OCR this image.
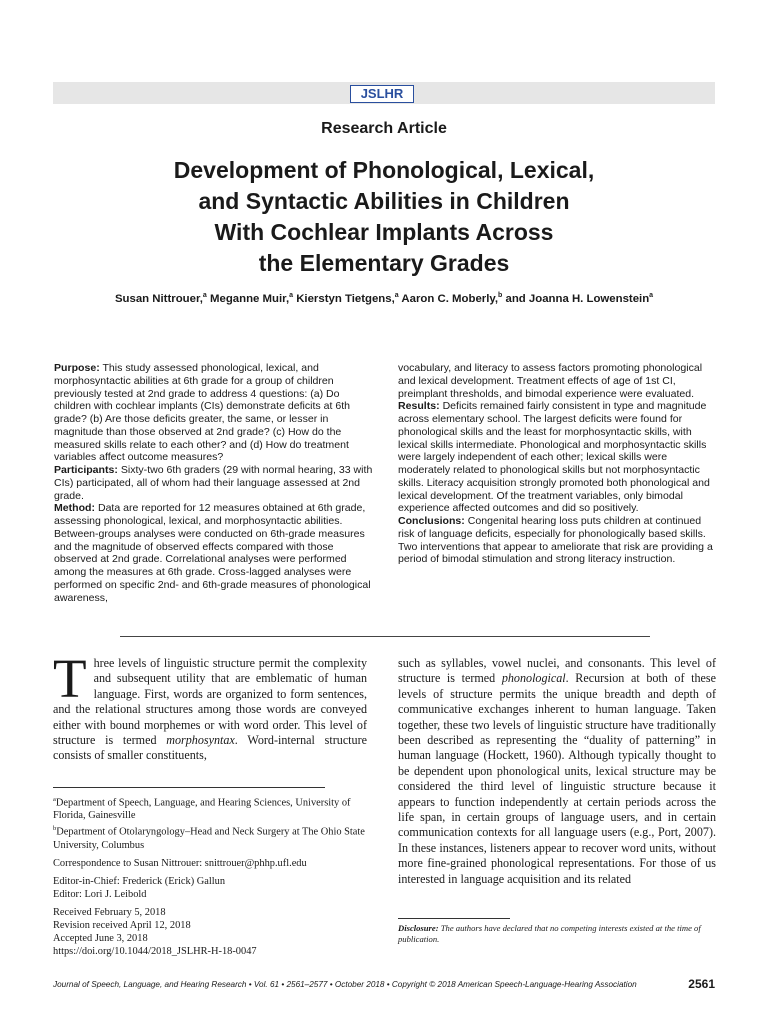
JSLHR
Research Article
Development of Phonological, Lexical,
and Syntactic Abilities in Children
With Cochlear Implants Across
the Elementary Grades
Susan Nittrouer,$^a$ Meganne Muir,$^a$ Kierstyn Tietgens,$^a$ Aaron C. Moberly,$^b$ and Joanna H. Lowenstein$^a$

Purpose: This study assessed phonological, lexical, and morphosyntactic abilities at 6th grade for a group of children previously tested at 2nd grade to address 4 questions: (a) Do children with cochlear implants (CIs) demonstrate deficits at 6th grade? (b) Are those deficits greater, the same, or lesser in magnitude than those observed at 2nd grade? (c) How do the measured skills relate to each other? and (d) How do treatment variables affect outcome measures?

Participants: Sixty-two 6th graders (29 with normal hearing, 33 with CIs) participated, all of whom had their language assessed at 2nd grade.

Method: Data are reported for 12 measures obtained at 6th grade, assessing phonological, lexical, and morphosyntactic abilities. Between-groups analyses were conducted on 6th-grade measures and the magnitude of observed effects compared with those observed at 2nd grade. Correlational analyses were performed among the measures at 6th grade. Cross-lagged analyses were performed on specific 2nd- and 6th-grade measures of phonological awareness,

vocabulary, and literacy to assess factors promoting phonological and lexical development. Treatment effects of age of 1st CI, preimplant thresholds, and bimodal experience were evaluated.

Results: Deficits remained fairly consistent in type and magnitude across elementary school. The largest deficits were found for phonological skills and the least for morphosyntactic skills, with lexical skills intermediate. Phonological and morphosyntactic skills were largely independent of each other; lexical skills were moderately related to phonological skills but not morphosyntactic skills. Literacy acquisition strongly promoted both phonological and lexical development. Of the treatment variables, only bimodal experience affected outcomes and did so positively.

Conclusions: Congenital hearing loss puts children at continued risk of language deficits, especially for phonologically based skills. Two interventions that appear to ameliorate that risk are providing a period of bimodal stimulation and strong literacy instruction.

Three levels of linguistic structure permit the complexity and subsequent utility that are emblematic of human language. First, words are organized to form sentences, and the relational structures among those words are conveyed either with bound morphemes or with word order. This level of structure is termed morphosyntax. Word-internal structure consists of smaller constituents,

such as syllables, vowel nuclei, and consonants. This level of structure is termed phonological. Recursion at both of these levels of structure permits the unique breadth and depth of communicative exchanges inherent to human language. Taken together, these two levels of linguistic structure have traditionally been described as representing the “duality of patterning” in human language (Hockett, 1960). Although typically thought to be dependent upon phonological units, lexical structure may be considered the third level of linguistic structure because it appears to function independently at certain periods across the life span, in certain groups of language users, and in certain communication contexts for all language users (e.g., Port, 2007). In these instances, listeners appear to recover word units, without more fine-grained phonological representations. For those of us interested in language acquisition and its related

$^a$Department of Speech, Language, and Hearing Sciences, University of Florida, Gainesville

$^b$Department of Otolaryngology–Head and Neck Surgery at The Ohio State University, Columbus

Correspondence to Susan Nittrouer: snittrouer@phhp.ufl.edu

Editor-in-Chief: Frederick (Erick) Gallun

Editor: Lori J. Leibold

Received February 5, 2018

Revision received April 12, 2018

Accepted June 3, 2018

https://doi.org/10.1044/2018_JSLHR-H-18-0047

Disclosure: The authors have declared that no competing interests existed at the time of publication.
Journal of Speech, Language, and Hearing Research • Vol. 61 • 2561–2577 • October 2018 • Copyright © 2018 American Speech-Language-Hearing Association	2561
